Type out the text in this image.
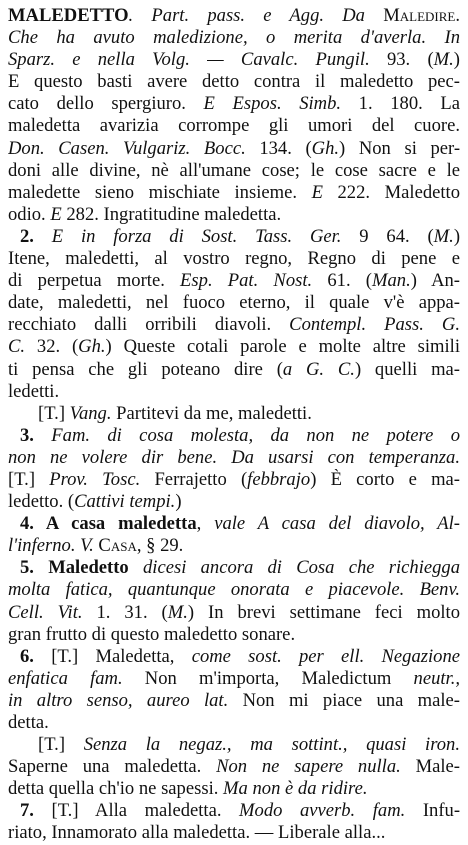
MALEDETTO. Part. pass. e Agg. Da Maledire.
Che ha avuto maledizione, o merita d'averla. In
Sparz. e nella Volg. — Cavalc. Pungil. 93. (M.)
E questo basti avere detto contra il maledetto pec-
cato dello spergiuro. E Espos. Simb. 1. 180. La
maledetta avarizia corrompe gli umori del cuore.
Don. Casen. Vulgariz. Bocc. 134. (Gh.) Non si per-
doni alle divine, nè all'umane cose; le cose sacre e le
maledette sieno mischiate insieme. E 222. Maledetto
odio. E 282. Ingratitudine maledetta.
2. E in forza di Sost. Tass. Ger. 9 64. (M.)
Itene, maledetti, al vostro regno, Regno di pene e
di perpetua morte. Esp. Pat. Nost. 61. (Man.) An-
date, maledetti, nel fuoco eterno, il quale v'è appa-
recchiato dalli orribili diavoli. Contempl. Pass. G.
C. 32. (Gh.) Queste cotali parole e molte altre simili
ti pensa che gli poteano dire (a G. C.) quelli ma-
ledetti.
[T.] Vang. Partitevi da me, maledetti.
3. Fam. di cosa molesta, da non ne potere o
non ne volere dir bene. Da usarsi con temperanza.
[T.] Prov. Tosc. Ferrajetto (febbrajo) È corto e ma-
ledetto. (Cattivi tempi.)
4. A casa maledetta, vale A casa del diavolo, Al-
l'inferno. V. Casa, § 29.
5. Maledetto dicesi ancora di Cosa che richiegga
molta fatica, quantunque onorata e piacevole. Benv.
Cell. Vit. 1. 31. (M.) In brevi settimane feci molto
gran frutto di questo maledetto sonare.
6. [T.] Maledetta, come sost. per ell. Negazione
enfatica fam. Non m'importa, Maledictum neutr.,
in altro senso, aureo lat. Non mi piace una male-
detta.
[T.] Senza la negaz., ma sottint., quasi iron.
Saperne una maledetta. Non ne sapere nulla. Male-
detta quella ch'io ne sapessi. Ma non è da ridire.
7. [T.] Alla maledetta. Modo avverb. fam. Infu-
riato, Innamorato alla maledetta. — Liberale alla...
